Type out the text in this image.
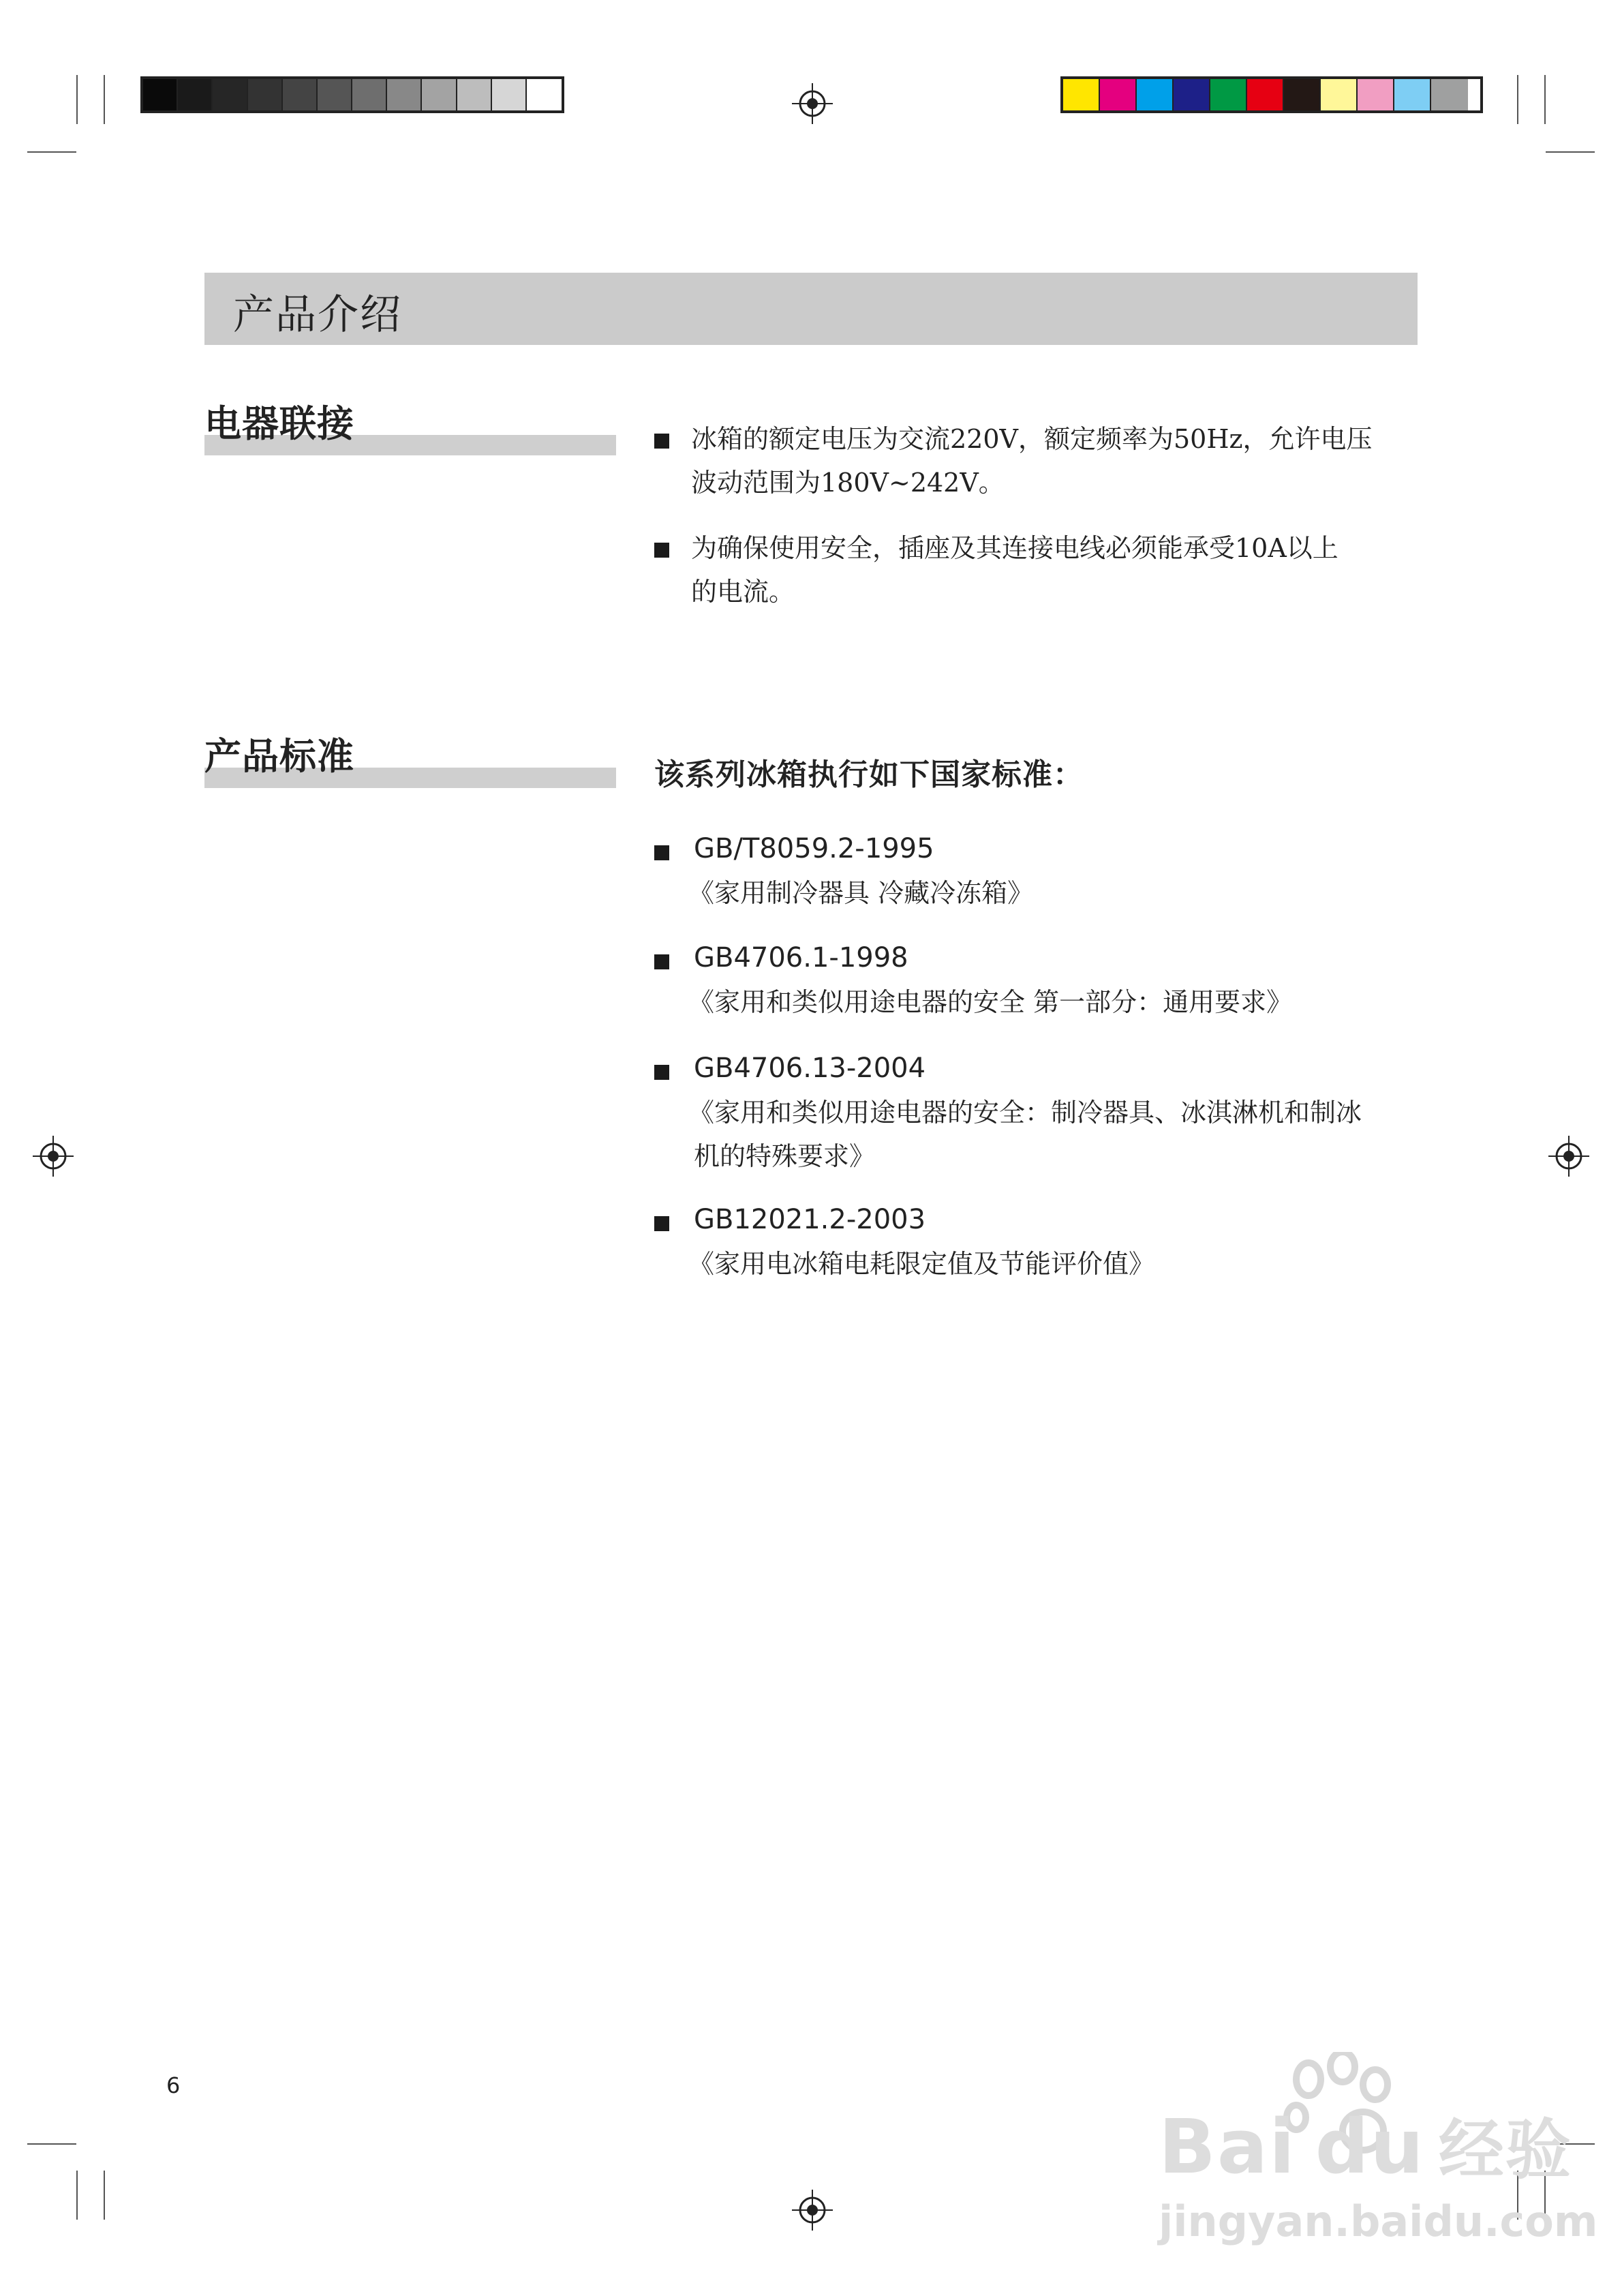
产品介绍
电器联接	冰箱的额定电压为交流220V，额定频率为50Hz，允许电压
波动范围为180V~242V。
为确保使用安全，插座及其连接电线必须能承受10A以上
的电流。
产品标准	该系列冰箱执行如下国家标准：
GB/T8059.2-1995
《家用制冷器具 冷藏冷冻箱》
GB4706.1-1998
《家用和类似用途电器的安全 第一部分：通用要求》
GB4706.13-2004
《家用和类似用途电器的安全：制冷器具、冰淇淋机和制冰
机的特殊要求》
GB12021.2-2003
《家用电冰箱电耗限定值及节能评价值》
6
Bai du 经验
jingyan.baidu.com
